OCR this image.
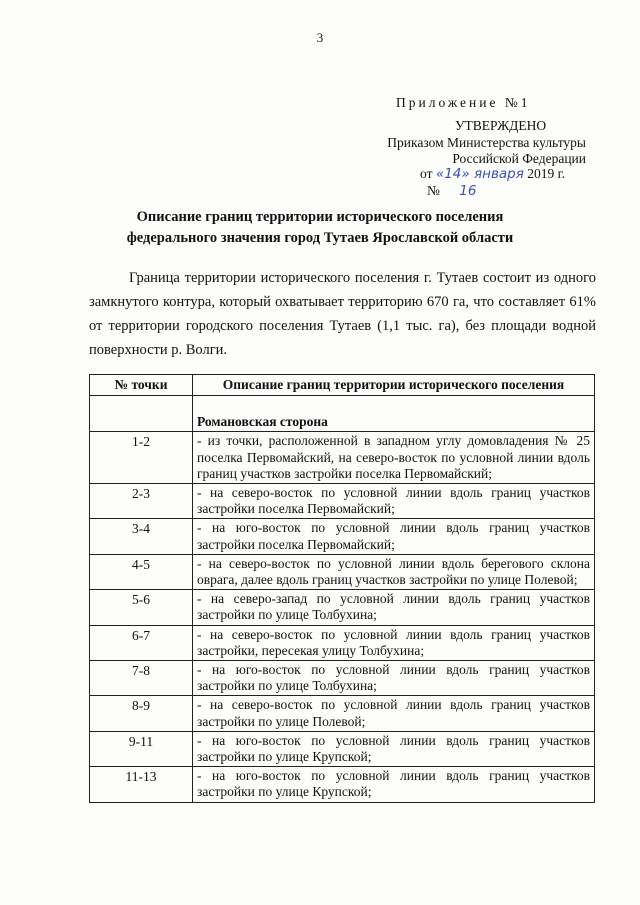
3
Приложение №1
УТВЕРЖДЕНО
Приказом Министерства культуры
Российской Федерации
от «14» января 2019 г.
№ 16
Описание границ территории исторического поселения
федерального значения город Тутаев Ярославской области
Граница территории исторического поселения г. Тутаев состоит из одного замкнутого контура, который охватывает территорию 670 га, что составляет 61% от территории городского поселения Тутаев (1,1 тыс. га), без площади водной поверхности р. Волги.
№ точки	Описание границ территории исторического поселения
	Романовская сторона
1-2	- из точки, расположенной в западном углу домовладения № 25 поселка Первомайский, на северо-восток по условной линии вдоль границ участков застройки поселка Первомайский;
2-3	- на северо-восток по условной линии вдоль границ участков застройки поселка Первомайский;
3-4	- на юго-восток по условной линии вдоль границ участков застройки поселка Первомайский;
4-5	- на северо-восток по условной линии вдоль берегового склона оврага, далее вдоль границ участков застройки по улице Полевой;
5-6	- на северо-запад по условной линии вдоль границ участков застройки по улице Толбухина;
6-7	- на северо-восток по условной линии вдоль границ участков застройки, пересекая улицу Толбухина;
7-8	- на юго-восток по условной линии вдоль границ участков застройки по улице Толбухина;
8-9	- на северо-восток по условной линии вдоль границ участков застройки по улице Полевой;
9-11	- на юго-восток по условной линии вдоль границ участков застройки по улице Крупской;
11-13	- на юго-восток по условной линии вдоль границ участков застройки по улице Крупской;
